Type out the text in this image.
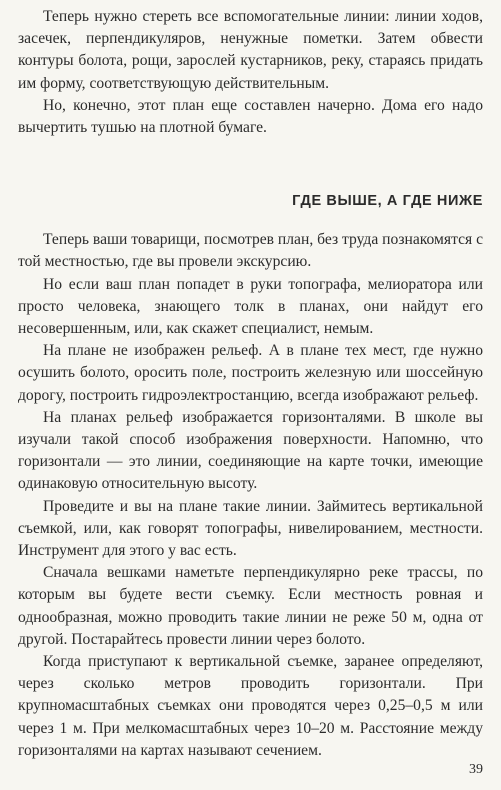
Теперь нужно стереть все вспомогательные линии: линии ходов, засечек, перпендикуляров, ненужные пометки. Затем обвести контуры болота, рощи, зарослей кустарников, реку, стараясь придать им форму, соответствующую действительным.

Но, конечно, этот план еще составлен начерно. Дома его надо вычертить тушью на плотной бумаге.

ГДЕ ВЫШЕ, А ГДЕ НИЖЕ

Теперь ваши товарищи, посмотрев план, без труда познакомятся с той местностью, где вы провели экскурсию.

Но если ваш план попадет в руки топографа, мелиоратора или просто человека, знающего толк в планах, они найдут его несовершенным, или, как скажет специалист, немым.

На плане не изображен рельеф. А в плане тех мест, где нужно осушить болото, оросить поле, построить железную или шоссейную дорогу, построить гидроэлектростанцию, всегда изображают рельеф.

На планах рельеф изображается горизонталями. В школе вы изучали такой способ изображения поверхности. Напомню, что горизонтали — это линии, соединяющие на карте точки, имеющие одинаковую относительную высоту.

Проведите и вы на плане такие линии. Займитесь вертикальной съемкой, или, как говорят топографы, нивелированием, местности. Инструмент для этого у вас есть.

Сначала вешками наметьте перпендикулярно реке трассы, по которым вы будете вести съемку. Если местность ровная и однообразная, можно проводить такие линии не реже 50 м, одна от другой. Постарайтесь провести линии через болото.

Когда приступают к вертикальной съемке, заранее определяют, через сколько метров проводить горизонтали. При крупномасштабных съемках они проводятся через 0,25–0,5 м или через 1 м. При мелкомасштабных через 10–20 м. Расстояние между горизонталями на картах называют сечением.

39
